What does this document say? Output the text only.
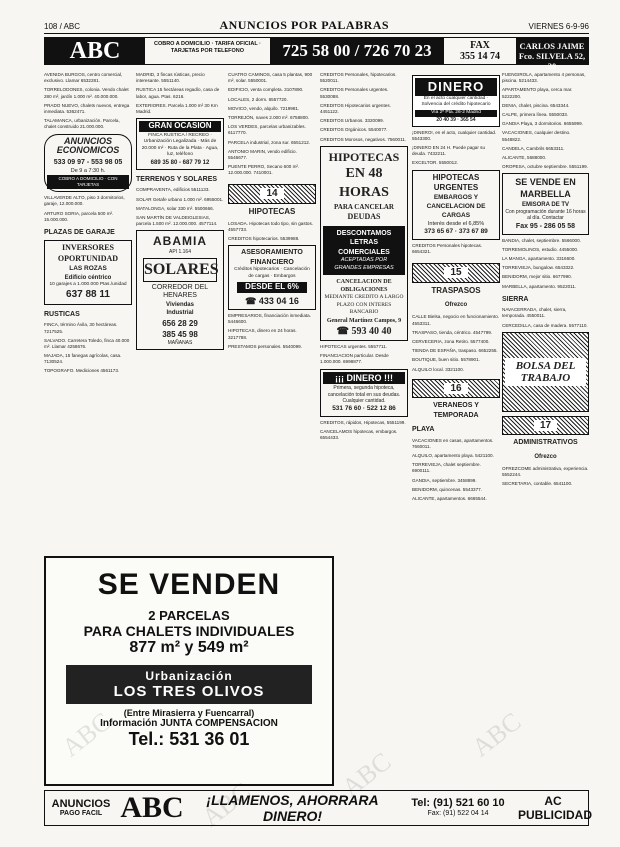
108 / ABC	ANUNCIOS POR PALABRAS	VIERNES 6-9-96
ABC	COBRO A DOMICILIO · TARIFA OFICIAL · TARJETAS POR TELEFONO	725 58 00 / 726 70 23	FAX
355 14 74
CARLOS JAIME
Fco. SILVELA 52, 30
AVENIDA BURGOS, centro comercial, exclusivo. Llamar 6532281.
TORRELODONES, colonia. Vendo chalet 280 m², jardín 1.000 m². 40.000.000.
PRADO NUEVO, chalets nuevos, entrega inmediata. 5362471.
TALAMANCA, urbanización. Parcela, chalet construido 21.000.000.
ANUNCIOS ECONOMICOS
533 09 97 - 553 98 05
De 9 a 7:30 h.
COBRO A DOMICILIO · CON TARJETAS
VILLAVERDE ALTO, piso 3 dormitorios, garaje, 12.000.000.
ARTURO SORIA, parcela 500 m². 15.000.000.
PLAZAS DE GARAJE
INVERSORES OPORTUNIDAD
LAS ROZAS
Edificio céntrico
10 garajes a 1.000.000 Ptas./unidad
637 88 11
RUSTICAS
FINCA, término Ávila, 30 hectáreas. 7217525.
SALVADO. Carretera Toledo, finca 40.000 m². Llamar 4258676.
MAJADA, 15 fanegas agrícolas, casa. 7130524.
TOPOGRAFO. Mediciones 4561173.
MADRID, 3 fincas rústicas, precio interesante. 5551140.
RUSTICA 15 hectáreas regadío, casa de labor, agua. Ptas. 6216.
EXTERIORES. Parcela 1.000 m² 30 Km Madrid.
GRAN OCASION
FINCA RUSTICA / RECREO · Urbanización Legalizada · Más de 20.000 m² · Ruta de la Plata · Agua, luz, teléfono
689 35 80 - 687 79 12
TERRENOS Y SOLARES
COMPRAVENTA, edificios 5511133.
SOLAR Getafe urbano 1.000 m². 6955001.
MATALONGA, solar 330 m². 5500666.
SAN MARTÍN DE VALDEIGLESIAS, parcela 1.500 m². 12.000.000. 4577114.
ABAMIA
API 1.164
SOLARES
CORREDOR DEL HENARES
Viviendas
Industrial
656 28 29
385 45 98
MAÑANAS
CUATRO CAMINOS, casa 5 plantas, 900 m², solar. 5550001.
EDIFICIO, venta completa. 3107890.
LOCALES, 2 dorm. 6557720.
MOVICO, vendo, alquilo. 7219981.
TORREJÓN, naves 2.000 m². 6758800.
LOS VERDES, parcelas urbanizables. 6117770.
PARCELA industrial, zona sur. 6551212.
ANTONIO MARIN, vendo edificio. 5546677.
PUENTE PERRO, Secano 600 m². 12.000.000. 7410001.
14
HIPOTECAS
LOSADA. Hipotecas todo tipo, sin gastos. 4557733.
CREDITOS hipotecarios. 5539988.
ASESORAMIENTO FINANCIERO
Créditos hipotecarios · Cancelación de cargas · Embargos
DESDE EL 6%
☎ 433 04 16
EMPRESARIOS, financiación inmediata. 5446600.
HIPOTECAS, dinero en 24 horas. 3217788.
PRESTAMOS personales. 5540099.
CREDITOS Personales, hipotecarios. 5520011.
CREDITOS Personales urgentes. 5530088.
CREDITOS Hipotecarios urgentes. 4451122.
CREDITOS Urbanos. 3320099.
CREDITOS Orgánicos. 5540077.
CREDITOS Morosos, negativos. 7560011.
HIPOTECAS
EN 48
HORAS
PARA CANCELAR
DEUDAS
DESCONTAMOS
LETRAS
COMERCIALES
ACEPTADAS POR
GRANDES EMPRESAS
CANCELACION DE OBLIGACIONES
MEDIANTE CREDITO A LARGO PLAZO CON INTERES BANCARIO
General Martínez Campos, 9
☎ 593 40 40
HIPOTECAS urgentes. 5557711.
FINANCIACION particular. Desde 1.000.000. 6998877.
¡¡¡ DINERO !!!
Primera, segunda hipoteca, cancelación total en sus deudas. Cualquier cantidad.
531 76 60 · 522 12 86
CREDITOS, rápidos, Hipotecas, 5551199.
CANCELAMOS hipotecas, embargos. 6554433.
DINERO
En el acto cualquier cantidad · Solvencia del crédito hipotecario
Vía 2ª Pta. 26-2 Madrid
20 40 39 · 365 54
¡DINERO!, en el acto, cualquier cantidad. 5543300.
¡DINERO EN 24 H. Puede pagar su deuda. 7432211.
EXCELTOR. 5550012.
HIPOTECAS URGENTES
EMBARGOS Y CANCELACION DE CARGAS
Interés desde el 6,85%
373 65 67 · 373 67 89
CREDITOS Personales hipotecas. 6654321.
15
TRASPASOS
Ofrezco
CALLE Bielsa, negocio en funcionamiento. 4553311.
TRASPASO, tienda, céntrico. 4547799.
CERVECERIA, zona Retiro. 5577400.
TIENDA DE ESPAÑA, traspaso. 6652255.
BOUTIQUE, buen sitio. 5578901.
ALQUILO local. 3321100.
16
VERANEOS Y TEMPORADA
PLAYA
VACACIONES en casas, apartamentos. 7660011.
ALQUILO, apartamento playa. 5421100.
TORREVIEJA, chalet septiembre. 6900111.
GANDIA, septiembre. 3458899.
BENIDORM, quincenas. 5543377.
ALICANTE, apartamentos. 6665544.
FUENGIROLA, apartamento 4 personas, piscina. 5214433.
APARTAMENTO playa, cerca mar. 5222200.
DENIA, chalet, piscina. 6543344.
CALPE, primera línea. 5550033.
GANDIA Playa, 3 dormitorios. 6655999.
VACACIONES, cualquier destino. 5548822.
CANDELA, Cambrils 6653311.
ALICANTE, 5688000.
OROPESA, octubre septiembre. 5551199.
SE VENDE EN MARBELLA
EMISORA DE TV
Con programación durante 16 horas al día. Contactar
Fax 95 - 286 05 58
BANDIA, chalet, septiembre. 5566000.
TORREMOLINOS, estudio. 4455000.
LA MANGA, apartamento. 3316600.
TORREVIEJA, bungalow. 6543322.
BENIDORM, mejor sitio. 6677990.
MARBELLA, apartamento. 9522011.
SIERRA
NAVACERRADA, chalet, sierra, temporada. 4550011.
CERCEDILLA, casa de madera. 5577110.
BOLSA DEL TRABAJO
17
ADMINISTRATIVOS
Ofrezco
OFREZCOME administrativa, experiencia. 5552244.
SECRETARIA, contable. 6541100.
SE VENDEN
2 PARCELAS
PARA CHALETS INDIVIDUALES
877 m² y 549 m²
Urbanización
LOS TRES OLIVOS
(Entre Mirasierra y Fuencarral)
Información JUNTA COMPENSACION
Tel.: 531 36 01
ANUNCIOS
PAGO FACIL ABC	¡LLAMENOS, AHORRARA DINERO!
Tel: (91) 521 60 10
Fax: (91) 522 04 14
AC PUBLICIDAD
ABC
ABC
ABC
